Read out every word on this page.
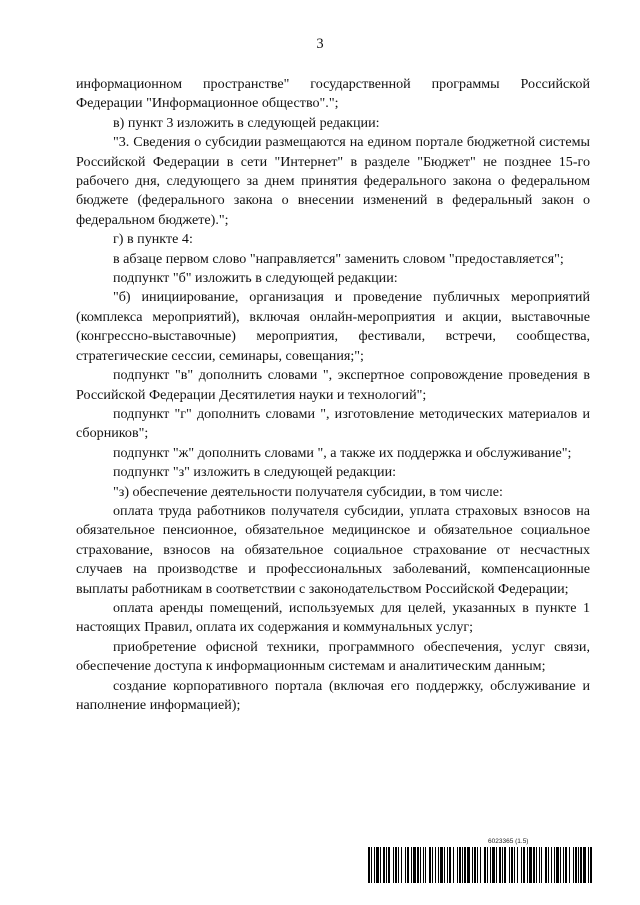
3

информационном пространстве" государственной программы Российской Федерации "Информационное общество".";

в) пункт 3 изложить в следующей редакции:

"3. Сведения о субсидии размещаются на едином портале бюджетной системы Российской Федерации в сети "Интернет" в разделе "Бюджет" не позднее 15-го рабочего дня, следующего за днем принятия федерального закона о федеральном бюджете (федерального закона о внесении изменений в федеральный закон о федеральном бюджете).";

г) в пункте 4:

в абзаце первом слово "направляется" заменить словом "предоставляется";

подпункт "б" изложить в следующей редакции:

"б) инициирование, организация и проведение публичных мероприятий (комплекса мероприятий), включая онлайн-мероприятия и акции, выставочные (конгрессно-выставочные) мероприятия, фестивали, встречи, сообщества, стратегические сессии, семинары, совещания;";

подпункт "в" дополнить словами ", экспертное сопровождение проведения в Российской Федерации Десятилетия науки и технологий";

подпункт "г" дополнить словами ", изготовление методических материалов и сборников";

подпункт "ж" дополнить словами ", а также их поддержка и обслуживание";

подпункт "з" изложить в следующей редакции:

"з) обеспечение деятельности получателя субсидии, в том числе:

оплата труда работников получателя субсидии, уплата страховых взносов на обязательное пенсионное, обязательное медицинское и обязательное социальное страхование, взносов на обязательное социальное страхование от несчастных случаев на производстве и профессиональных заболеваний, компенсационные выплаты работникам в соответствии с законодательством Российской Федерации;

оплата аренды помещений, используемых для целей, указанных в пункте 1 настоящих Правил, оплата их содержания и коммунальных услуг;

приобретение офисной техники, программного обеспечения, услуг связи, обеспечение доступа к информационным системам и аналитическим данным;

создание корпоративного портала (включая его поддержку, обслуживание и наполнение информацией);

6023365 (1.5)
